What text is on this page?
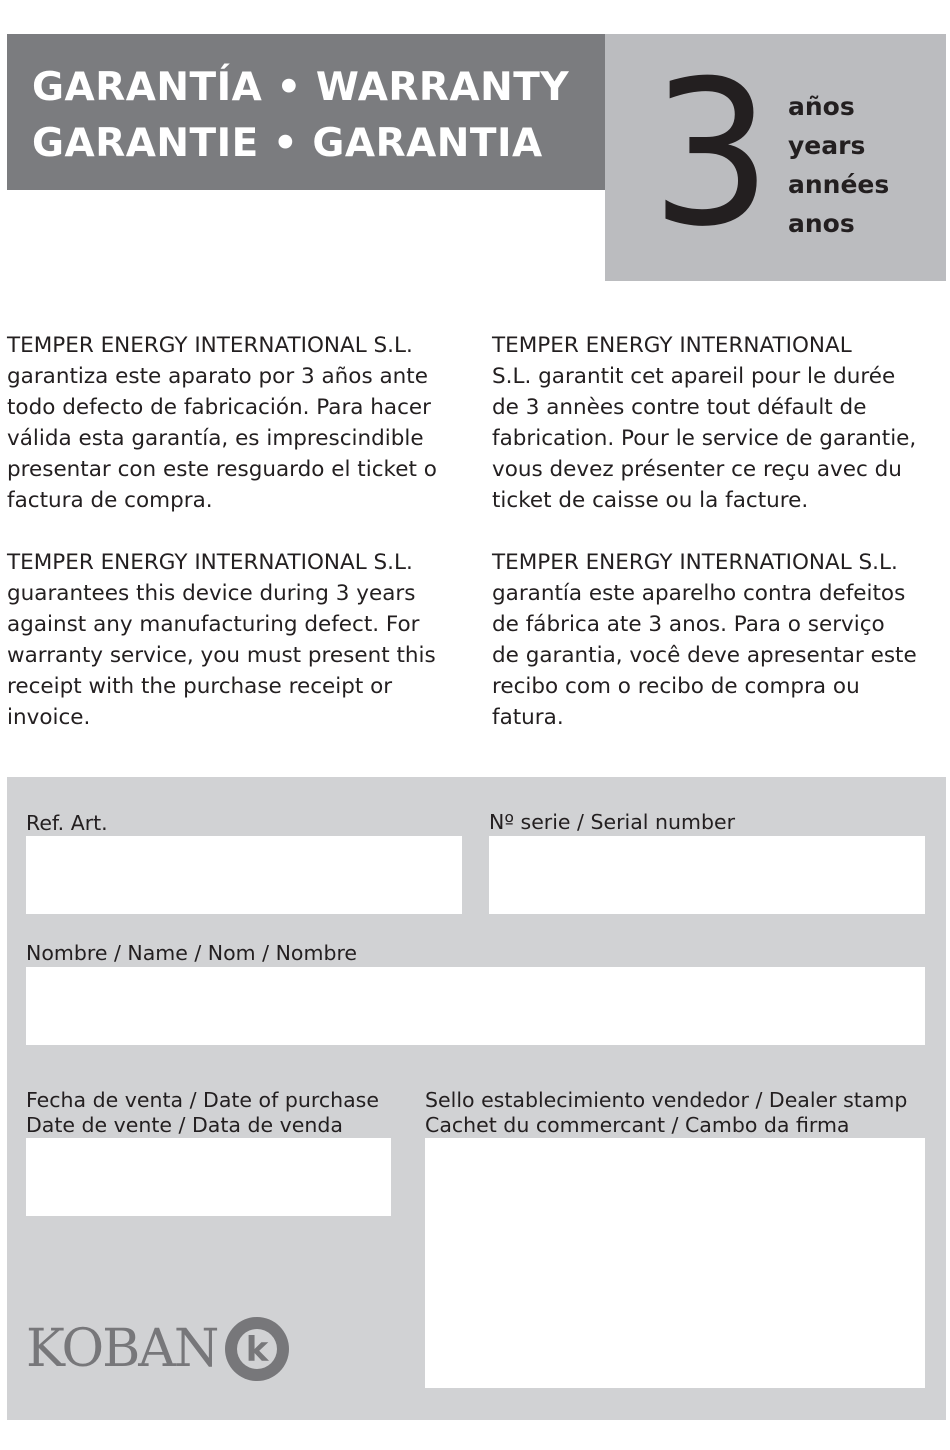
GARANTÍA • WARRANTY
GARANTIE • GARANTIA 3 años
years
années
anos

TEMPER ENERGY INTERNATIONAL S.L.
garantiza este aparato por 3 años ante
todo defecto de fabricación. Para hacer
válida esta garantía, es imprescindible
presentar con este resguardo el ticket o
factura de compra.

TEMPER ENERGY INTERNATIONAL S.L.
guarantees this device during 3 years
against any manufacturing defect. For
warranty service, you must present this
receipt with the purchase receipt or
invoice.

TEMPER ENERGY INTERNATIONAL
S.L. garantit cet apareil pour le durée
de 3 annèes contre tout défault de
fabrication. Pour le service de garantie,
vous devez présenter ce reçu avec du
ticket de caisse ou la facture.

TEMPER ENERGY INTERNATIONAL S.L.
garantía este aparelho contra defeitos
de fábrica ate 3 anos. Para o serviço
de garantia, você deve apresentar este
recibo com o recibo de compra ou
fatura.

Ref. Art.	Nº serie / Serial number
Nombre / Name / Nom / Nombre
Fecha de venta / Date of purchase
Date de vente / Data de venda
Sello establecimiento vendedor / Dealer stamp
Cachet du commercant / Cambo da firma
KOBAN k
